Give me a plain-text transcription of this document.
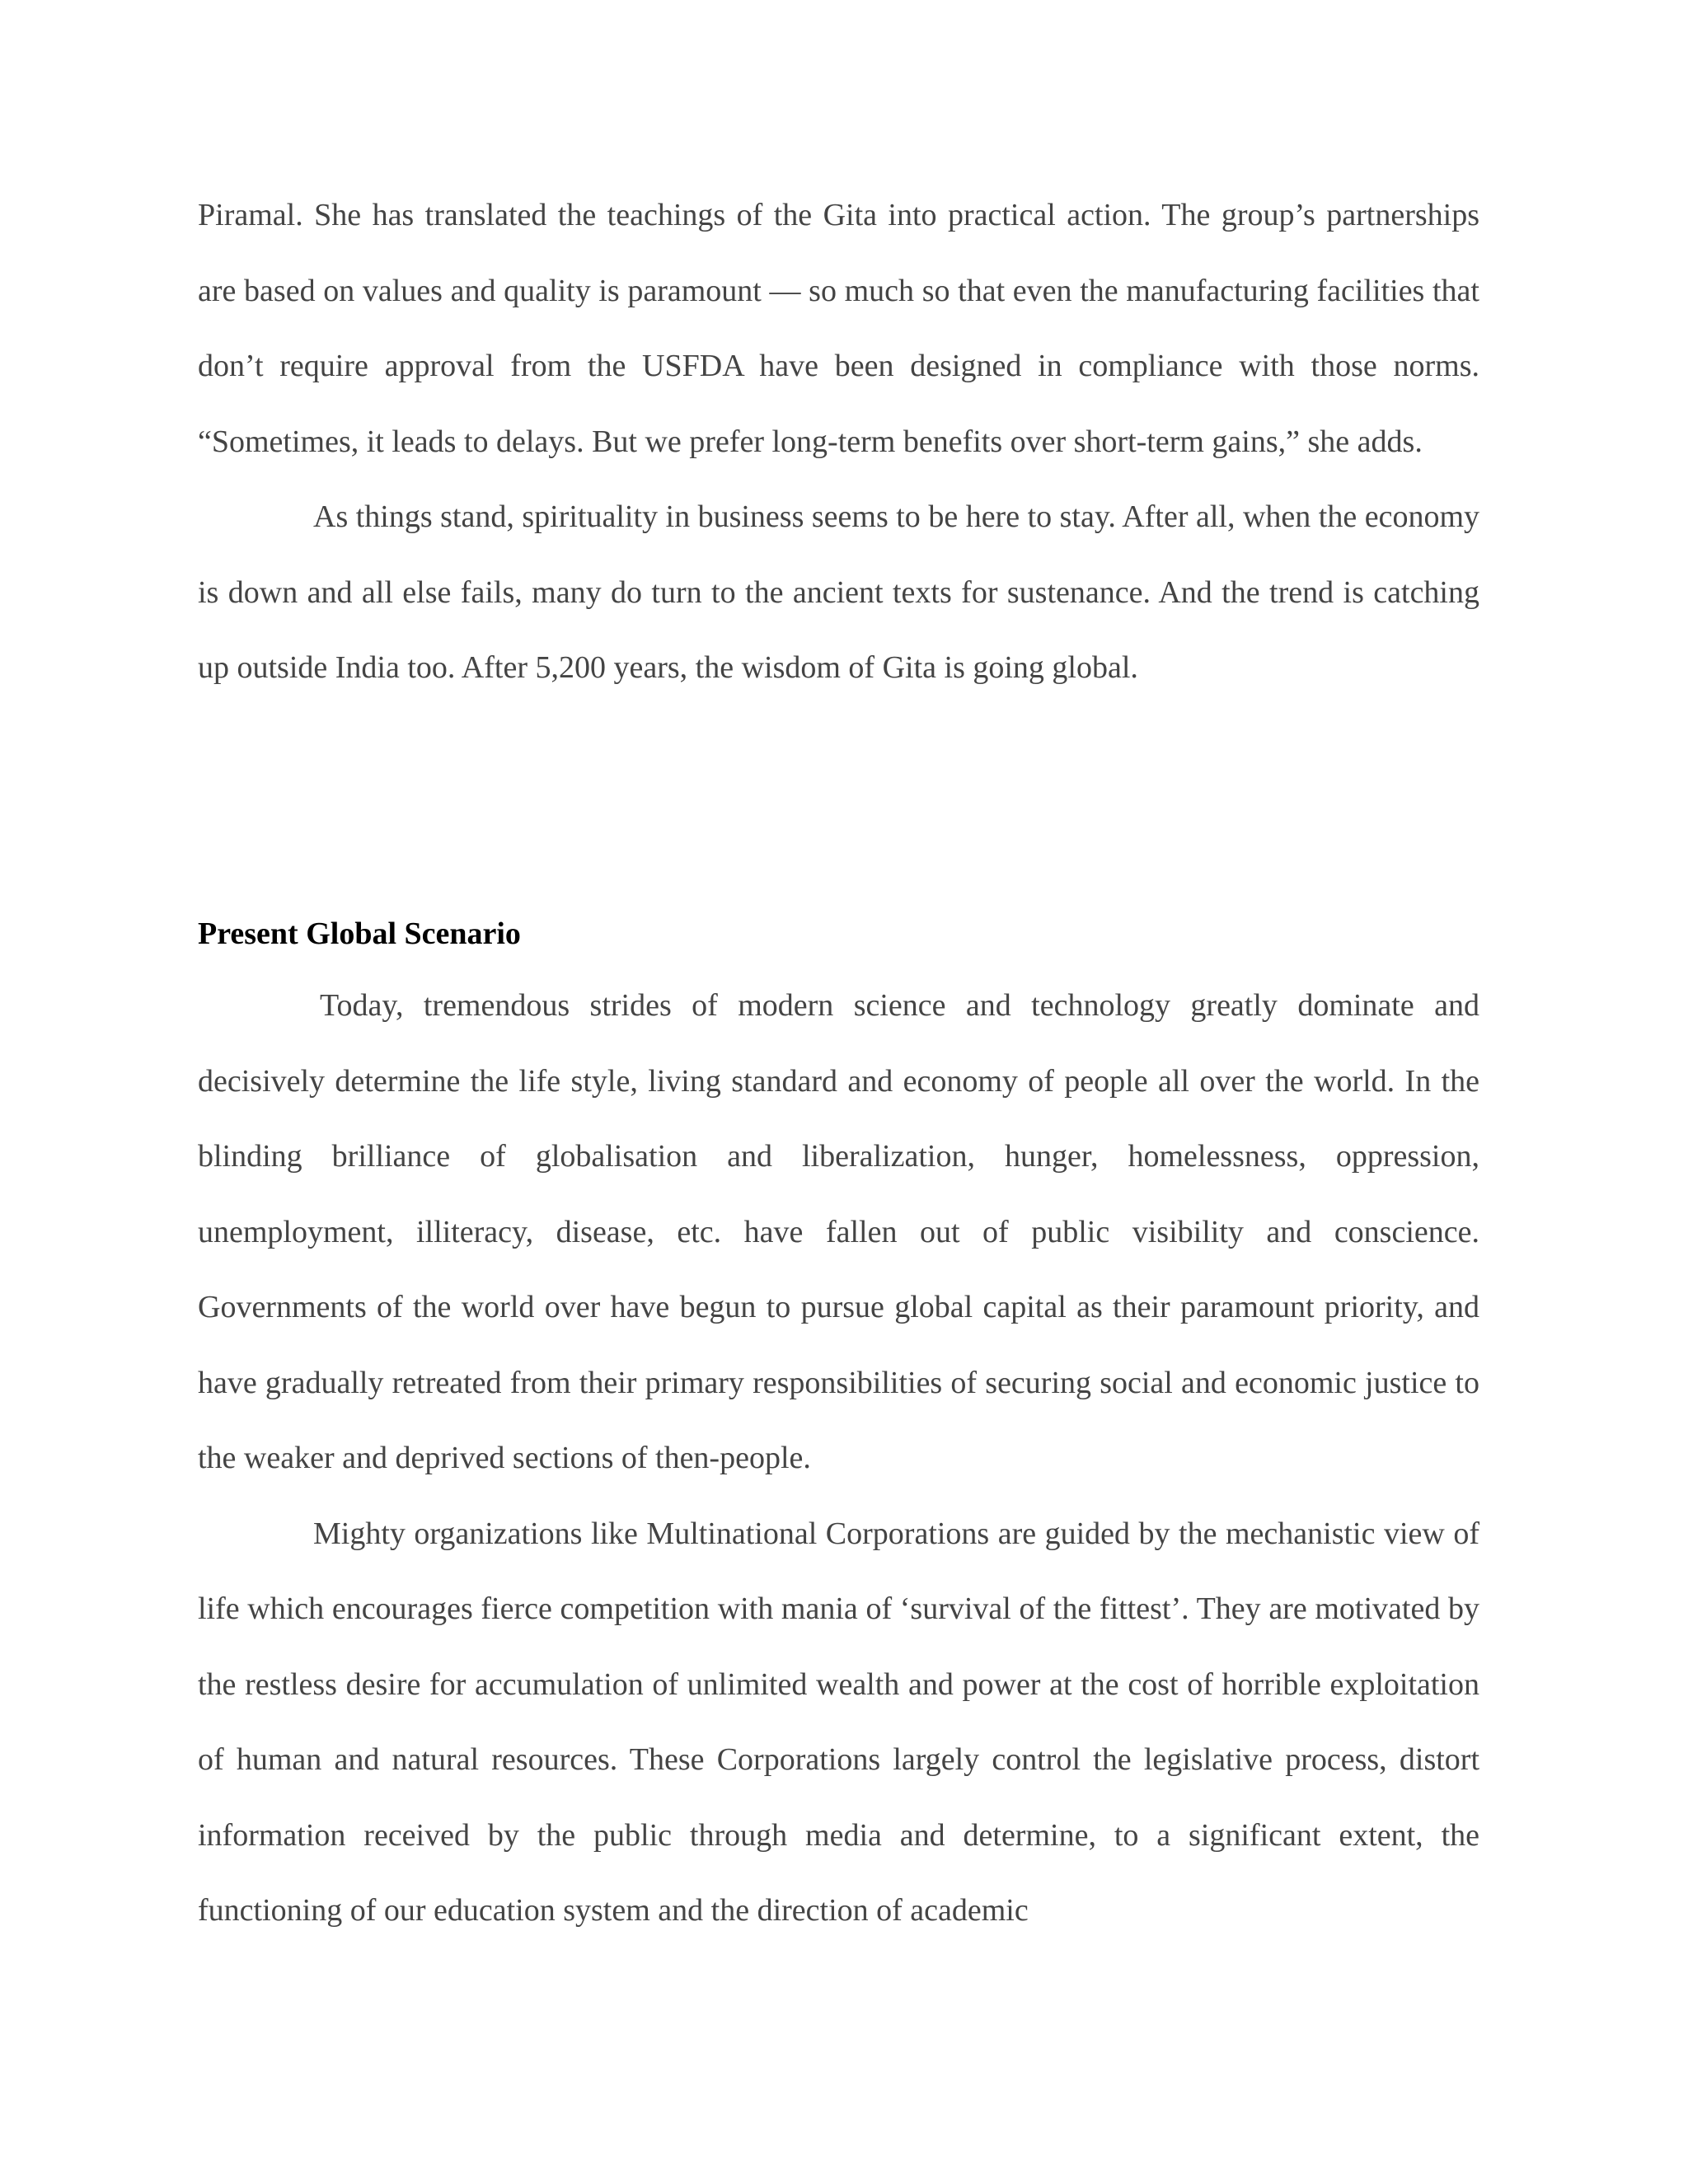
Piramal. She has translated the teachings of the Gita into practical action. The group’s partnerships are based on values and quality is paramount — so much so that even the manufacturing facilities that don’t require approval from the USFDA have been designed in compliance with those norms. “Sometimes, it leads to delays. But we prefer long-term benefits over short-term gains,” she adds.

As things stand, spirituality in business seems to be here to stay. After all, when the economy is down and all else fails, many do turn to the ancient texts for sustenance. And the trend is catching up outside India too. After 5,200 years, the wisdom of Gita is going global.

Present Global Scenario

Today, tremendous strides of modern science and technology greatly dominate and decisively determine the life style, living standard and economy of people all over the world. In the blinding brilliance of globalisation and liberalization, hunger, homelessness, oppression, unemployment, illiteracy, disease, etc. have fallen out of public visibility and conscience. Governments of the world over have begun to pursue global capital as their paramount priority, and have gradually retreated from their primary responsibilities of securing social and economic justice to the weaker and deprived sections of then-people.

Mighty organizations like Multinational Corporations are guided by the mechanistic view of life which encourages fierce competition with mania of ‘survival of the fittest’. They are motivated by the restless desire for accumulation of unlimited wealth and power at the cost of horrible exploitation of human and natural resources. These Corporations largely control the legislative process, distort information received by the public through media and determine, to a significant extent, the functioning of our education system and the direction of academic
